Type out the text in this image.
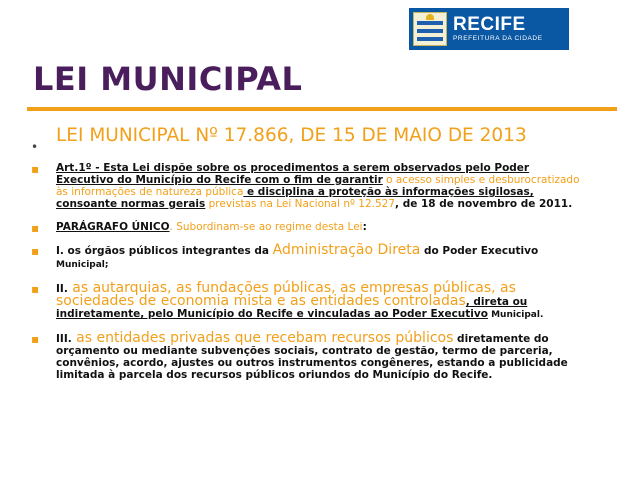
RECIFE
PREFEITURA DA CIDADE
LEI MUNICIPAL
•
LEI MUNICIPAL Nº 17.866, DE 15 DE MAIO DE 2013
▪ Art.1º - Esta Lei dispõe sobre os procedimentos a serem observados pelo Poder Executivo do Município do Recife com o fim de garantir o acesso simples e desburocratizado às informações de natureza pública e disciplina a proteção às informações sigilosas, consoante normas gerais previstas na Lei Nacional nº 12.527, de 18 de novembro de 2011.
▪ PARÁGRAFO ÚNICO. Subordinam-se ao regime desta Lei:
▪ I. os órgãos públicos integrantes da Administração Direta do Poder Executivo Municipal;
▪ II. as autarquias, as fundações públicas, as empresas públicas, as sociedades de economia mista e as entidades controladas, direta ou indiretamente, pelo Município do Recife e vinculadas ao Poder Executivo Municipal.
▪ III. as entidades privadas que recebam recursos públicos diretamente do orçamento ou mediante subvenções sociais, contrato de gestão, termo de parceria, convênios, acordo, ajustes ou outros instrumentos congêneres, estando a publicidade limitada à parcela dos recursos públicos oriundos do Município do Recife.
